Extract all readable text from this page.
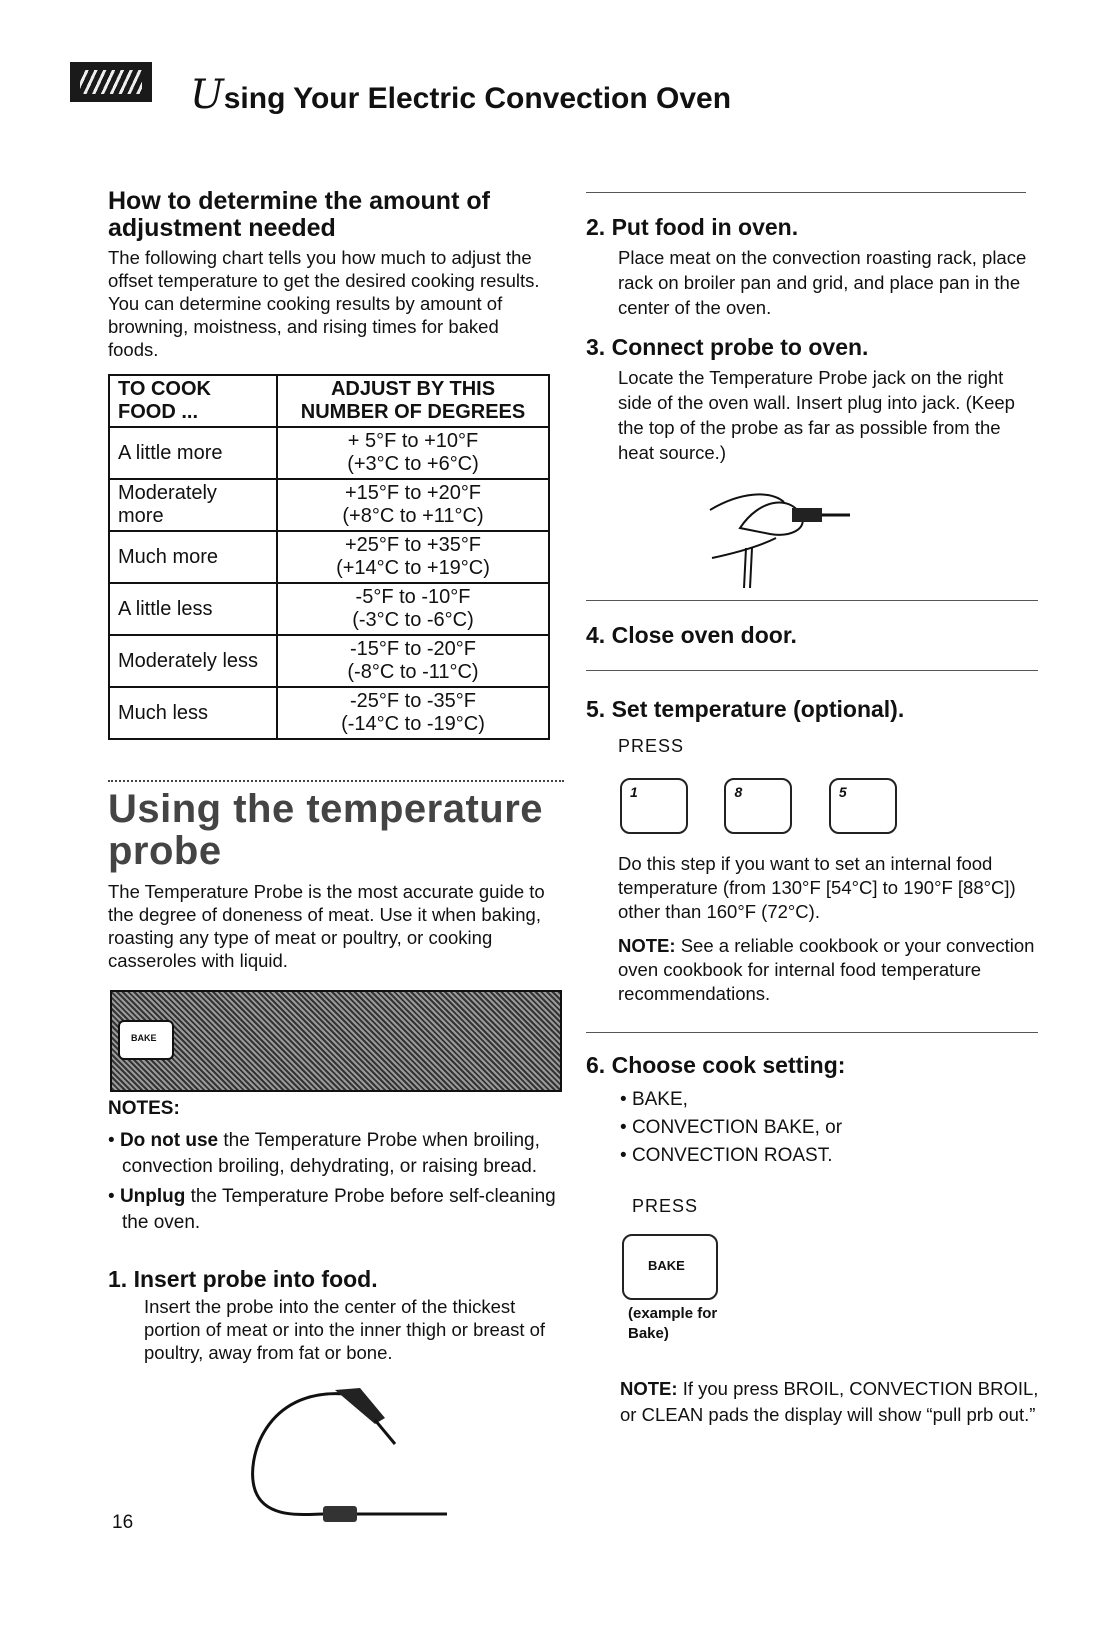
Using Your Electric Convection Oven
How to determine the amount of adjustment needed

The following chart tells you how much to adjust the offset temperature to get the desired cooking results. You can determine cooking results by amount of browning, moistness, and rising times for baked foods.

TO COOK FOOD ...	ADJUST BY THIS NUMBER OF DEGREES
A little more	+ 5°F to +10°F
(+3°C to +6°C)

Moderately more	+15°F to +20°F
(+8°C to +11°C)

Much more	+25°F to +35°F
(+14°C to +19°C)

A little less	-5°F to -10°F
(-3°C to -6°C)

Moderately less	-15°F to -20°F
(-8°C to -11°C)

Much less	-25°F to -35°F
(-14°C to -19°C)
Using the temperature probe

The Temperature Probe is the most accurate guide to the degree of doneness of meat. Use it when baking, roasting any type of meat or poultry, or cooking casseroles with liquid.

BAKE
NOTES:
• Do not use the Temperature Probe when broiling, convection broiling, dehydrating, or raising bread.
• Unplug the Temperature Probe before self-cleaning the oven.
1. Insert probe into food.

Insert the probe into the center of the thickest portion of meat or into the inner thigh or breast of poultry, away from fat or bone.

16
2. Put food in oven.

Place meat on the convection roasting rack, place rack on broiler pan and grid, and place pan in the center of the oven.

3. Connect probe to oven.

Locate the Temperature Probe jack on the right side of the oven wall. Insert plug into jack. (Keep the top of the probe as far as possible from the heat source.)

4. Close oven door.
5. Set temperature (optional).
PRESS
1
	8
	5

Do this step if you want to set an internal food temperature (from 130°F [54°C] to 190°F [88°C]) other than 160°F (72°C).

NOTE: See a reliable cookbook or your convection oven cookbook for internal food temperature recommendations.

6. Choose cook setting:
• BAKE,
• CONVECTION BAKE, or
• CONVECTION ROAST.
PRESS
BAKE
(example for Bake)

NOTE: If you press BROIL, CONVECTION BROIL, or CLEAN pads the display will show “pull prb out.”
